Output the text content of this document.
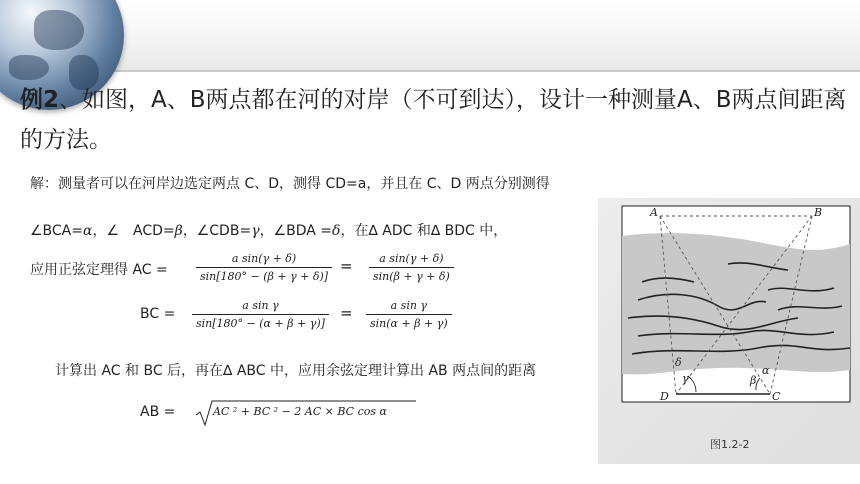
例2、如图，A、B两点都在河的对岸（不可到达），设计一种测量A、B两点间距离的方法。
解：测量者可以在河岸边选定两点 C、D，测得 CD=a，并且在 C、D 两点分别测得
∠BCA=α，∠　ACD=β，∠CDB=γ，∠BDA =δ，在∆ ADC 和∆ BDC 中，
应用正弦定理得 AC =	$\frac{\text{a sin(γ + δ)}}{\sin[180^\circ - (\beta + \gamma + \delta)]} = \frac{\text{a sin(γ + δ)}}{\sin(\beta + \gamma + \delta)}$
BC = $\frac{\text{a sin γ}}{\sin[180^\circ - (\alpha + \beta + \gamma)]} = \frac{\text{a sin γ}}{\sin(\alpha + \beta + \gamma)}$
计算出 AC 和 BC 后，再在∆ ABC 中，应用余弦定理计算出 AB 两点间的距离
AB =	AC ² + BC ² − 2 AC × BC cos α
A	B
D	C
δ
γ	β
α
图1.2-2
